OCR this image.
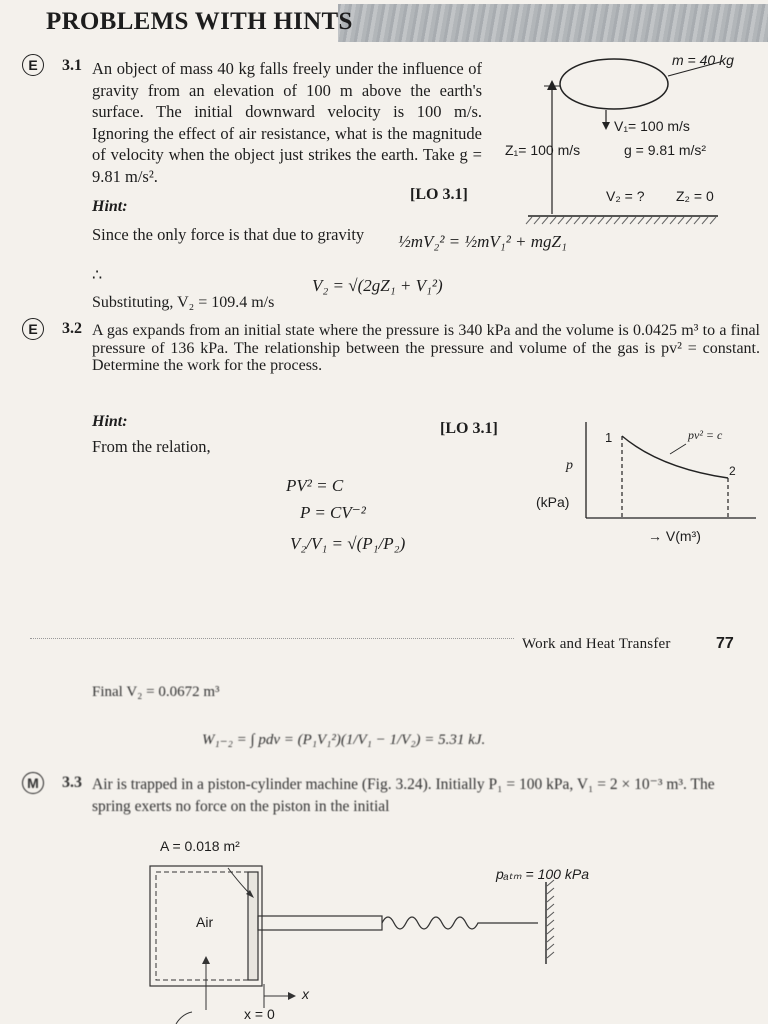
PROBLEMS WITH HINTS
E	3.1 An object of mass 40 kg falls freely under the influence of gravity from an elevation of 100 m above the earth's surface. The initial downward velocity is 100 m/s. Ignoring the effect of air resistance, what is the magnitude of velocity when the object just strikes the earth. Take g = 9.81 m/s².
[LO 3.1]
Hint:
Since the only force is that due to gravity ½mV₂² = ½mV₁² + mgZ₁
∴
V₂ = √(2gZ₁ + V₁²)
Substituting, V₂ = 109.4 m/s
m = 40 kg
V₁= 100 m/s
Z₁= 100 m/s	g = 9.81 m/s²
V₂ = ? Z₂ = 0
E	3.2 A gas expands from an initial state where the pressure is 340 kPa and the volume is 0.0425 m³ to a final pressure of 136 kPa. The relationship between the pressure and volume of the gas is pv² = constant. Determine the work for the process.
Hint:	[LO 3.1]
From the relation,
PV² = C
P = CV⁻²
V₂/V₁ = √(P₁/P₂)
p
(kPa)
→ V(m³)
pv² = c
1
2
Work and Heat Transfer	77
Final V₂ = 0.0672 m³
W₁₋₂ = ∫ pdv = (P₁V₁²)(1/V₁ − 1/V₂) = 5.31 kJ.
M	3.3 Air is trapped in a piston-cylinder machine (Fig. 3.24). Initially P₁ = 100 kPa, V₁ = 2 × 10⁻³ m³. The spring exerts no force on the piston in the initial
A = 0.018 m²
pₐₜₘ = 100 kPa
Air
x
x = 0
